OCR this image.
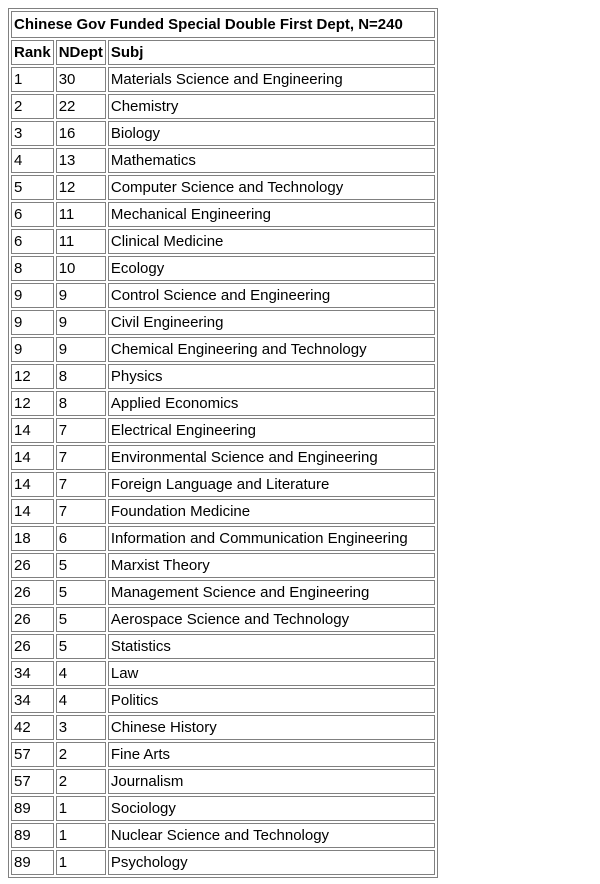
Chinese Gov Funded Special Double First Dept, N=240		
Rank	NDept	Subj
1	30	Materials Science and Engineering
2	22	Chemistry
3	16	Biology
4	13	Mathematics
5	12	Computer Science and Technology
6	11	Mechanical Engineering
6	11	Clinical Medicine
8	10	Ecology
9	9	Control Science and Engineering
9	9	Civil Engineering
9	9	Chemical Engineering and Technology
12	8	Physics
12	8	Applied Economics
14	7	Electrical Engineering
14	7	Environmental Science and Engineering
14	7	Foreign Language and Literature
14	7	Foundation Medicine
18	6	Information and Communication Engineering
26	5	Marxist Theory
26	5	Management Science and Engineering
26	5	Aerospace Science and Technology
26	5	Statistics
34	4	Law
34	4	Politics
42	3	Chinese History
57	2	Fine Arts
57	2	Journalism
89	1	Sociology
89	1	Nuclear Science and Technology
89	1	Psychology
